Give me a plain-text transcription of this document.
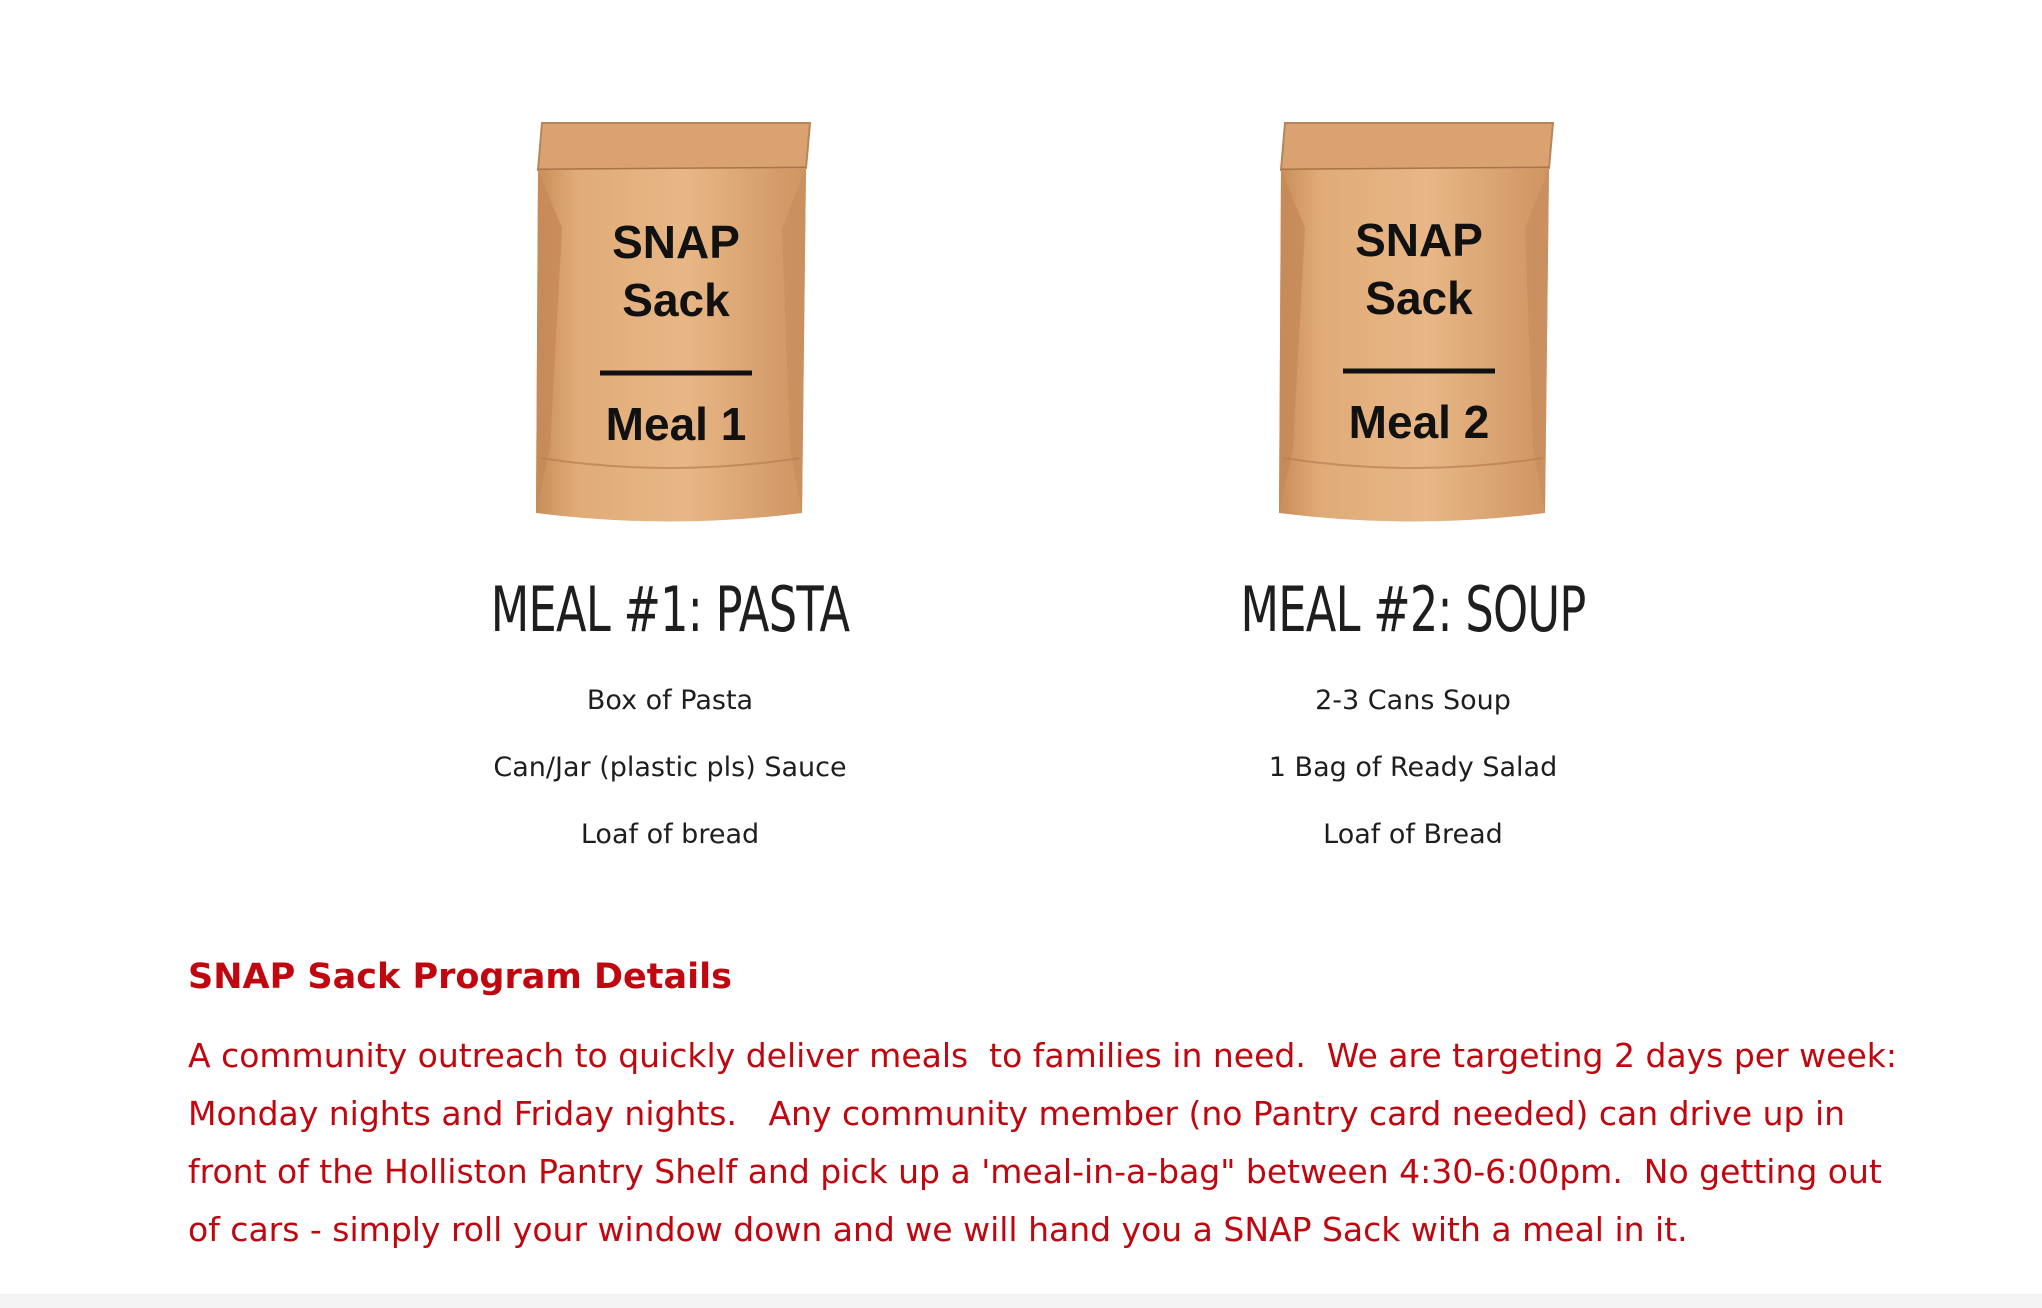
SNAP
Sack
Meal 1
MEAL #1: PASTA
Box of Pasta
Can/Jar (plastic pls) Sauce
Loaf of bread
SNAP
Sack
Meal 2
MEAL #2: SOUP
2-3 Cans Soup
1 Bag of Ready Salad
Loaf of Bread
SNAP Sack Program Details

A community outreach to quickly deliver meals  to families in need.  We are targeting 2 days per week:
Monday nights and Friday nights.   Any community member (no Pantry card needed) can drive up in
front of the Holliston Pantry Shelf and pick up a 'meal-in-a-bag" between 4:30-6:00pm.  No getting out
of cars - simply roll your window down and we will hand you a SNAP Sack with a meal in it.
